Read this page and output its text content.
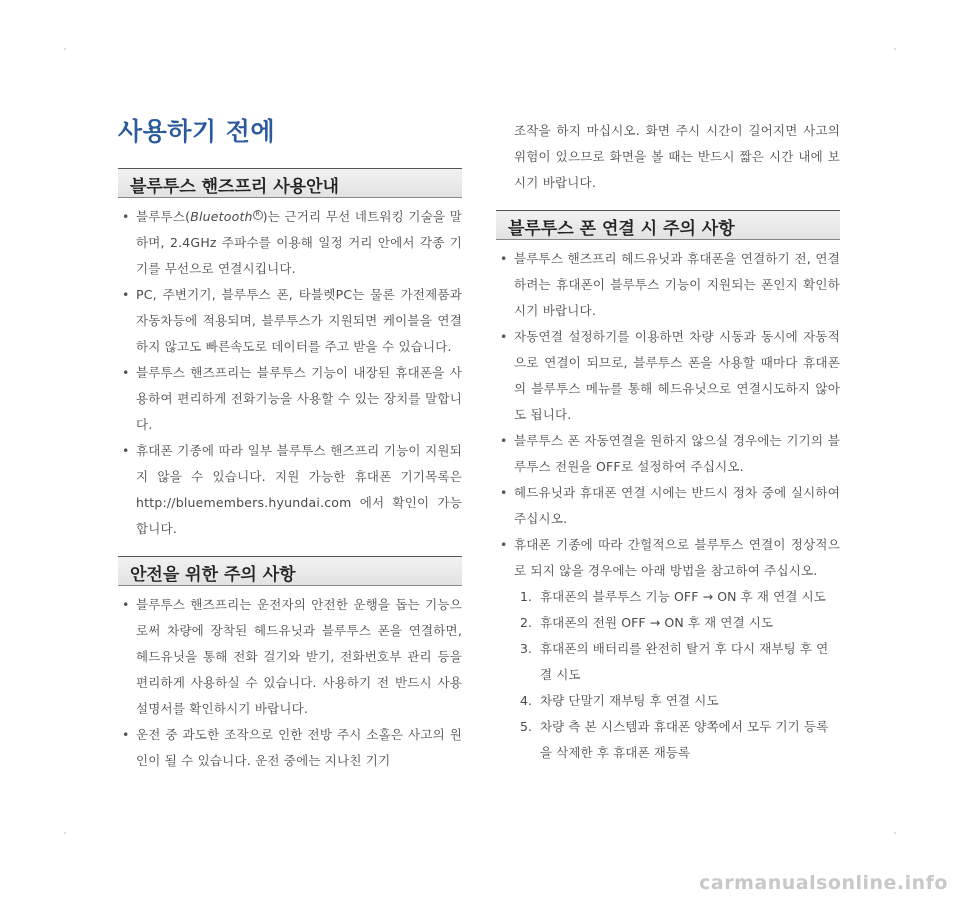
사용하기 전에
블루투스 핸즈프리 사용안내
• 블루투스(Bluetooth R )는 근거리 무선 네트워킹 기술을 말하며, 2.4GHz 주파수를 이용해 일정 거리 안에서 각종 기기를 무선으로 연결시킵니다.
• PC, 주변기기, 블루투스 폰, 타블렛PC는 물론 가전제품과 자동차등에 적용되며, 블루투스가 지원되면 케이블을 연결하지 않고도 빠른속도로 데이터를 주고 받을 수 있습니다.
• 블루투스 핸즈프리는 블루투스 기능이 내장된 휴대폰을 사용하여 편리하게 전화기능을 사용할 수 있는 장치를 말합니다.
• 휴대폰 기종에 따라 일부 블루투스 핸즈프리 기능이 지원되지 않을 수 있습니다. 지원 가능한 휴대폰 기기목록은 http://bluemembers.hyundai.com 에서 확인이 가능합니다.
안전을 위한 주의 사항
• 블루투스 핸즈프리는 운전자의 안전한 운행을 돕는 기능으로써 차량에 장착된 헤드유닛과 블루투스 폰을 연결하면, 헤드유닛을 통해 전화 걸기와 받기, 전화번호부 관리 등을 편리하게 사용하실 수 있습니다. 사용하기 전 반드시 사용설명서를 확인하시기 바랍니다.
• 운전 중 과도한 조작으로 인한 전방 주시 소홀은 사고의 원인이 될 수 있습니다. 운전 중에는 지나친 기기

조작을 하지 마십시오. 화면 주시 시간이 길어지면 사고의 위험이 있으므로 화면을 볼 때는 반드시 짧은 시간 내에 보시기 바랍니다.

블루투스 폰 연결 시 주의 사항
• 블루투스 핸즈프리 헤드유닛과 휴대폰을 연결하기 전, 연결하려는 휴대폰이 블루투스 기능이 지원되는 폰인지 확인하시기 바랍니다.
• 자동연결 설정하기를 이용하면 차량 시동과 동시에 자동적으로 연결이 되므로, 블루투스 폰을 사용할 때마다 휴대폰의 블루투스 메뉴를 통해 헤드유닛으로 연결시도하지 않아도 됩니다.
• 블루투스 폰 자동연결을 원하지 않으실 경우에는 기기의 블루투스 전원을 OFF로 설정하여 주십시오.
• 헤드유닛과 휴대폰 연결 시에는 반드시 정차 중에 실시하여 주십시오.
• 휴대폰 기종에 따라 간헐적으로 블루투스 연결이 정상적으로 되지 않을 경우에는 아래 방법을 참고하여 주십시오.
1. 휴대폰의 블루투스 기능 OFF → ON 후 재 연결 시도
2. 휴대폰의 전원 OFF → ON 후 재 연결 시도
3. 휴대폰의 배터리를 완전히 탈거 후 다시 재부팅 후 연결 시도
4. 차량 단말기 재부팅 후 연결 시도
5. 차량 측 본 시스템과 휴대폰 양쪽에서 모두 기기 등록을 삭제한 후 휴대폰 재등록
carmanualsonline.info
